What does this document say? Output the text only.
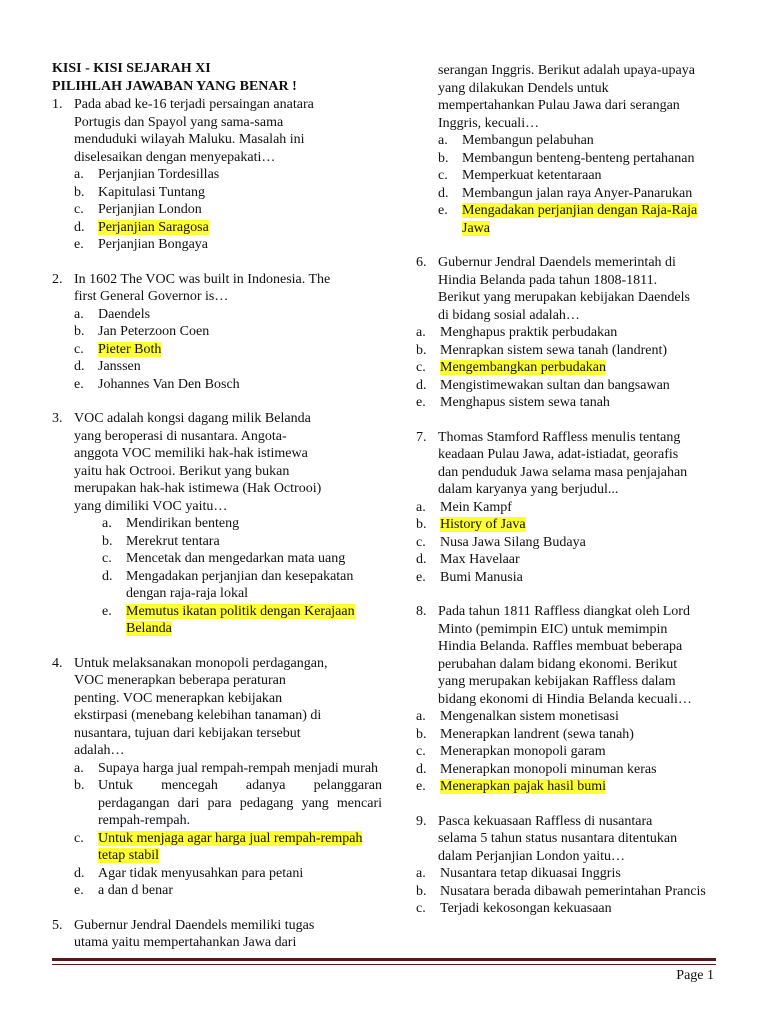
KISI - KISI SEJARAH XI
PILIHLAH JAWABAN YANG BENAR !
1. Pada abad ke-16 terjadi persaingan anatara
Portugis dan Spayol yang sama-sama
menduduki wilayah Maluku. Masalah ini
diselesaikan dengan menyepakati…
a.	Perjanjian Tordesillas
b. Kapitulasi Tuntang
c.	Perjanjian London
d. Perjanjian Saragosa
e.	Perjanjian Bongaya
2. In 1602 The VOC was built in Indonesia. The
first General Governor is…
a.	Daendels
b. Jan Peterzoon Coen
c.	Pieter Both
d. Janssen
e.	Johannes Van Den Bosch
3. VOC adalah kongsi dagang milik Belanda
yang beroperasi di nusantara. Angota-
anggota VOC memiliki hak-hak istimewa
yaitu hak Octrooi. Berikut yang bukan
merupakan hak-hak istimewa (Hak Octrooi)
yang dimiliki VOC yaitu…
a.	Mendirikan benteng
b. Merekrut tentara
c.	Mencetak dan mengedarkan mata uang
d. Mengadakan perjanjian dan kesepakatan dengan raja-raja lokal
e.	Memutus ikatan politik dengan Kerajaan Belanda
4. Untuk melaksanakan monopoli perdagangan,
VOC menerapkan beberapa peraturan
penting. VOC menerapkan kebijakan
ekstirpasi (menebang kelebihan tanaman) di
nusantara, tujuan dari kebijakan tersebut
adalah…
a.	Supaya harga jual rempah-rempah menjadi murah
b. Untuk mencegah adanya pelanggaran perdagangan dari para pedagang yang mencari rempah-rempah.
c.	Untuk menjaga agar harga jual rempah-rempah tetap stabil
d. Agar tidak menyusahkan para petani
e.	a dan d benar
5. Gubernur Jendral Daendels memiliki tugas
utama yaitu mempertahankan Jawa dari
serangan Inggris. Berikut adalah upaya-upaya
yang dilakukan Dendels untuk
mempertahankan Pulau Jawa dari serangan
Inggris, kecuali…
a.	Membangun pelabuhan
b. Membangun benteng-benteng pertahanan
c.	Memperkuat ketentaraan
d. Membangun jalan raya Anyer-Panarukan
e.	Mengadakan perjanjian dengan Raja-Raja Jawa
6. Gubernur Jendral Daendels memerintah di
Hindia Belanda pada tahun 1808-1811.
Berikut yang merupakan kebijakan Daendels
di bidang sosial adalah…
a.	Menghapus praktik perbudakan
b. Menrapkan sistem sewa tanah (landrent)
c.	Mengembangkan perbudakan
d. Mengistimewakan sultan dan bangsawan
e.	Menghapus sistem sewa tanah
7. Thomas Stamford Raffless menulis tentang
keadaan Pulau Jawa, adat-istiadat, georafis
dan penduduk Jawa selama masa penjajahan
dalam karyanya yang berjudul...
a.	Mein Kampf
b. History of Java
c.	Nusa Jawa Silang Budaya
d. Max Havelaar
e.	Bumi Manusia
8. Pada tahun 1811 Raffless diangkat oleh Lord
Minto (pemimpin EIC) untuk memimpin
Hindia Belanda. Raffles membuat beberapa
perubahan dalam bidang ekonomi. Berikut
yang merupakan kebijakan Raffless dalam
bidang ekonomi di Hindia Belanda kecuali…
a.	Mengenalkan sistem monetisasi
b. Menerapkan landrent (sewa tanah)
c.	Menerapkan monopoli garam
d. Menerapkan monopoli minuman keras
e.	Menerapkan pajak hasil bumi
9. Pasca kekuasaan Raffless di nusantara
selama 5 tahun status nusantara ditentukan
dalam Perjanjian London yaitu…
a.	Nusantara tetap dikuasai Inggris
b. Nusatara berada dibawah pemerintahan Prancis
c.	Terjadi kekosongan kekuasaan
Page 1
